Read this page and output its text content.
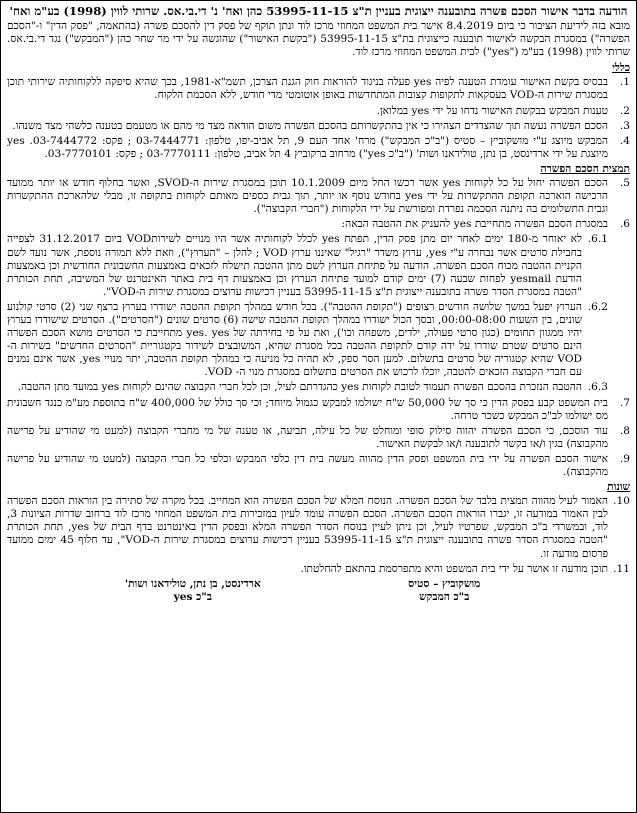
הודעה בדבר אישור הסכם פשרה בתובענה ייצוגית בעניין ת"צ 53995-11-15 כהן ואח' נ' די.בי.אס. שרותי לווין (1998) בע"מ ואח'
מובא בזה לידיעת הציבור כי ביום 8.4.2019 אישר בית המשפט המחוזי מרכז לוד ונתן תוקף של פסק דין להסכם פשרה (בהתאמה, "פסק הדין" ו-"הסכם הפשרה") במסגרת הבקשה לאישור תובענה כייצוגית בת"צ 53995-11-15 ("בקשת האישור") שהוגשה על ידי מר שחר כהן ("המבקש") נגד די.בי.אס. שרותי לווין (1998) בע"מ ("yes") לבית המשפט המחוזי מרכז לוד.
כללי
1.
בבסיס בקשת האישור עומדת הטענה לפיה yes פעלה בניגוד להוראות חוק הגנת הצרכן, תשמ"א-1981, בכך שהיא סיפקה ללקוחותיה שירותי תוכן במסגרת שירות ה-VOD בעסקאות לתקופות קצובות המתחדשות באופן אוטומטי מדי חודש, ללא הסכמת הלקוח.
2.
טענות המבקש בבקשת האישור נדחו על ידי yes במלואן.
3.
הסכם הפשרה נעשה תוך שהצדדים הצהירו כי אין בהתקשרותם בהסכם הפשרה משום הודאה מצד מי מהם או מטעמם בטענה כלשהי מצד משנהו.
4.
המבקש מיוצג ע"י מושקוביץ – סטיס ("ב"כ המבקש") מרח' אחד העם 9, תל אביב-יפו, טלפון: 03-7444771 ; פקס: 03-7444772. yes מיוצגת על ידי ארדינסט, בן נתן, טולידאנו ושות' ("ב"כ yes") מרחוב ברקוביץ 4 תל אביב, טלפון: 03-7770111 ; פקס: 03-7770101.
תמצית הסכם הפשרה
5.
הסכם הפשרה יחול על כל לקוחות yes אשר רכשו החל מיום 10.1.2009 תוכן במסגרת שירות ה-SVOD, ואשר בחלוף חודש או יותר ממועד הרכישה הוארכה תקופת ההתקשרות על ידי yes בחודש נוסף או יותר, תוך גבית כספים מאותם לקוחות בתקופה זו, מבלי שלהארכת ההתקשרות וגבית התשלומים בה ניתנה הסכמה נפרדת ומפורשת על ידי הלקוחות ("חברי הקבוצה").
6.
במסגרת הסכם הפשרה מתחייבת yes להעניק את ההטבה הבאה:
6.1.
לא יאוחר מ-180 ימים לאחר יום מתן פסק הדין, תפתח yes לכלל לקוחותיה אשר היו מנויים לשירותVOD ביום 31.12.2017 לצפייה בחבילת סרטים אשר נבחרה ע"י yes, ערוץ משדר "רגיל" שאיננו ערוץ VOD ; להלן – "הערוץ"), וזאת ללא תמורה נוספת, אשר נועד לשם הקניית ההטבה מכוח הסכם הפשרה. הודעה על פתיחת הערוץ לשם מתן ההטבה תישלח לזכאים באמצעות החשבונית החודשית וכן באמצעות הודעת yesmail לפחות שבעה (7) ימים קודם למועד פתיחת הערוץ וכן באמצעות דף בית באתר האינטרנט של המשיבה, תחת הכותרת "הטבה במסגרת הסדר פשרה בתובענה ייצוגית ת"צ 53995-11-15 בעניין רכישות ערוצים במסגרת שירות ה-VOD".
6.2.
הערוץ יפעל במשך שלושה חודשים רצופים ("תקופת ההטבה"). בכל חודש במהלך תקופת ההטבה ישודרו בערוץ ברצף שני (2) סרטי קולנוע שונים, בין השעות 00:00-08:00, ובסך הכול ישודרו במהלך תקופת ההטבה שישה (6) סרטים שונים ("הסרטים"). הסרטים שישודרו בערוץ יהיו ממגוון תחומים (כגון סרטי פעולה, ילדים, משפחה וכו'), ואת על פי בחירתה של yes. yes מתחייבת כי הסרטים מושא הסכם הפשרה הינם סרטים שטרם שודרו על ידה קודם לתקופת ההטבה בכל מסגרת שהיא, המשובצים לשידור בקטגוריית "הסרטים החדשים" בשירות ה- VOD שהיא קטגוריה של סרטים בתשלום. למען הסר ספק, לא תהיה כל מניעה כי במהלך תקופת ההטבה, יתר מנויי yes, אשר אינם נמנים עם חברי הקבוצה הזכאים להטבה, יוכלו לרכוש את הסרטים בתשלום במסגרת מנוי ה- VOD.
6.3.
ההטבה הנזכרת בהסכם הפשרה תעמוד לטובת לקוחות yes כהגדרתם לעיל, וכן לכל חברי הקבוצה שהינם לקוחות yes במועד מתן ההטבה.
7.
בית המשפט קבע בפסק הדין כי סך של 50,000 ש"ח ישולמו למבקש כגמול מיוחד; וכי סך כולל של 400,000 ש"ח בתוספת מע"מ כנגד חשבונית מס ישולמו לב"כ המבקש כשכר טרחה.
8.
עוד הוסכם, כי הסכם הפשרה יהווה סילוק סופי ומוחלט של כל עילה, תביעה, או טענה של מי מחברי הקבוצה (למעט מי שהודיע על פרישה מהקבוצה) בגין ו/או בקשר לתובענה ו/או לבקשת האישור.
9.
אישור הסכם הפשרה על ידי בית המשפט ופסק הדין מהווה מעשה בית דין כלפי המבקש וכלפי כל חברי הקבוצה (למעט מי שהודיע על פרישה מהקבוצה).
שונות
10.
האמור לעיל מהווה תמצית בלבד של הסכם הפשרה. הנוסח המלא של הסכם הפשרה הוא המחייב. בכל מקרה של סתירה בין הוראות הסכם הפשרה לבין האמור במודעה זו, יגברו הוראות הסכם הפשרה. הסכם הפשרה עומד לעיון במזכירות בית המשפט המחוזי מרכז לוד ברחוב שדרות הציונות 3, לוד, ובמשרדי ב"כ המבקש, שפרטיו לעיל, וכן ניתן לעיין בנוסח הסדר הפשרה המלא ובפסק הדין באינטרנט בדף הבית של yes, תחת הכותרת "הטבה במסגרת הסדר פשרה בתובענה ייצוגית ת"צ 53995-11-15 בעניין רכישות ערוצים במסגרת שירות ה-VOD", עד חלוף 45 ימים ממועד פרסום מודעה זו.
11.
תוכן מודעה זו אושר על ידי בית המשפט והיא מתפרסמת בהתאם להחלטתו.
מושקוביץ – סטיס
ב"כ המבקש
ארדינסט, בן נתן, טולידאנו ושות'
ב"כ yes
